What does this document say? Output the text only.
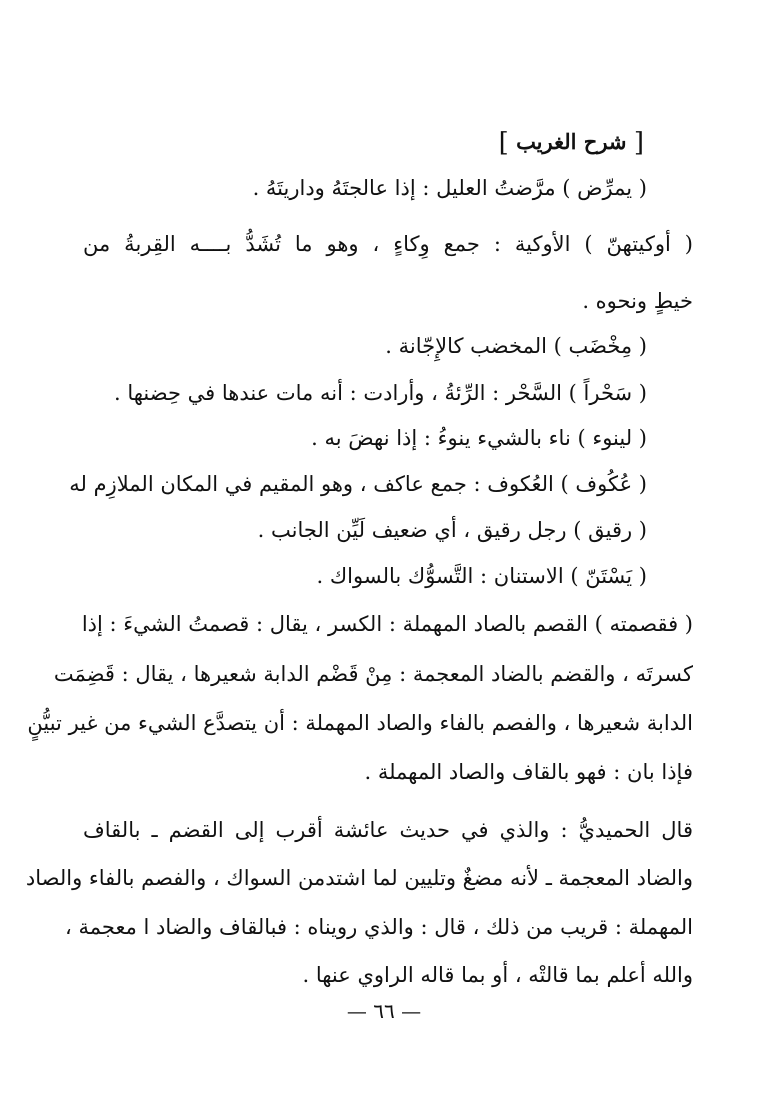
[ شرح الغريب ]
( يمرِّض ) مرَّضتُ العليل : إذا عالجتَهُ وداريتَهُ .
( أوكيتهنّ ) الأوكية : جمع وِكاءٍ ، وهو ما تُشَدُّ بــــه القِربةُ من
خيطٍ ونحوه .
( مِخْضَب ) المخضب كالإِجّانة .
( سَحْراً ) السَّحْر : الرِّئةُ ، وأرادت : أنه مات عندها في حِضنها .
( لينوء ) ناء بالشيء ينوءُ : إذا نهضَ به .
( عُكُوف ) العُكوف : جمع عاكف ، وهو المقيم في المكان الملازِم له
( رقيق ) رجل رقيق ، أي ضعيف لَيِّن الجانب .
( يَسْتَنّ ) الاستنان : التَّسوُّك بالسواك .
( فقصمته ) القصم بالصاد المهملة : الكسر ، يقال : قصمتُ الشيءَ : إذا
كسرتَه ، والقضم بالضاد المعجمة : مِنْ قَضْم الدابة شعيرها ، يقال : قَضِمَت
الدابة شعيرها ، والفصم بالفاء والصاد المهملة : أن يتصدَّع الشيء من غير تبيُّنٍ
فإذا بان : فهو بالقاف والصاد المهملة .
قال الحميديُّ : والذي في حديث عائشة أقرب إلى القضم ـ بالقاف
والضاد المعجمة ـ لأنه مضغٌ وتليين لما اشتدمن السواك ، والفصم بالفاء والصاد
المهملة : قريب من ذلك ، قال : والذي رويناه : فبالقاف والضاد ا معجمة ،
والله أعلم بما قالتْه ، أو بما قاله الراوي عنها .
— ٦٦ —
